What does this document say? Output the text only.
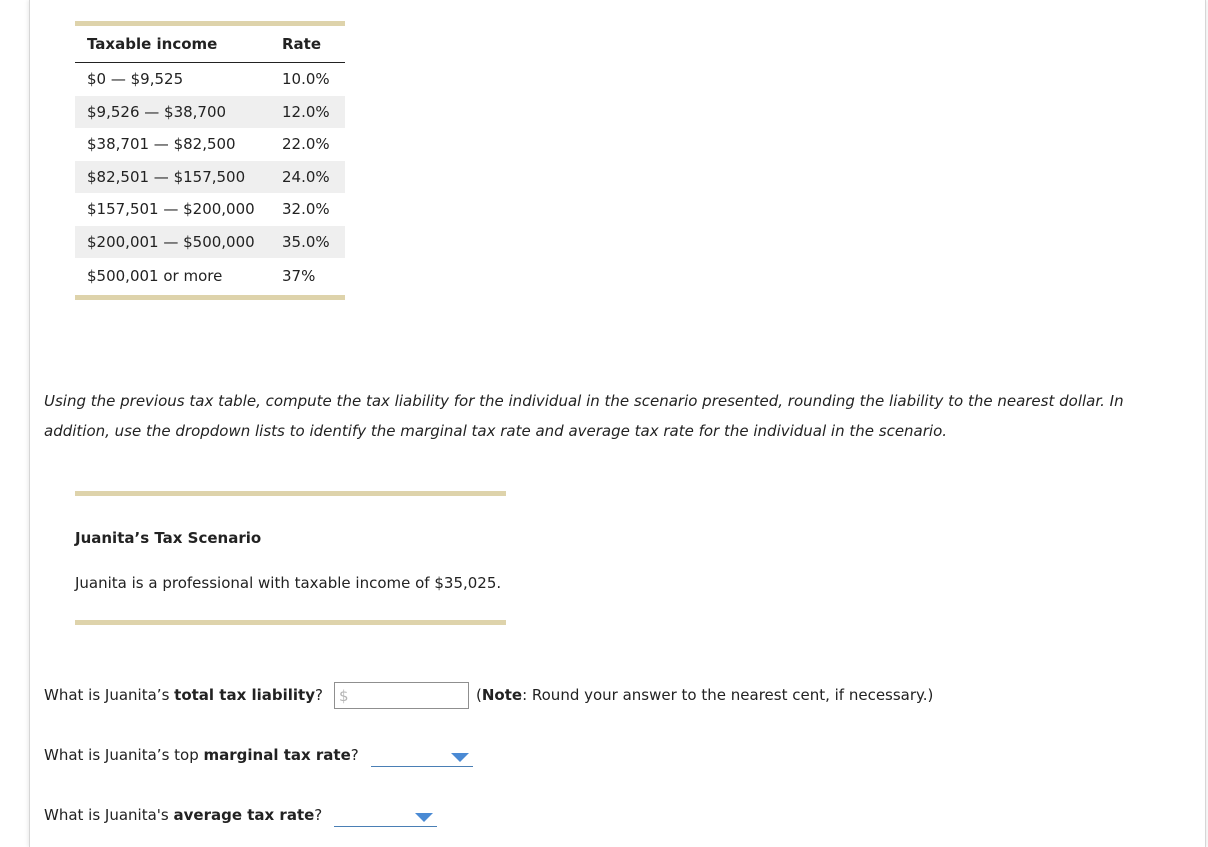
Taxable income	Rate
$0 — $9,525	10.0%
$9,526 — $38,700	12.0%
$38,701 — $82,500	22.0%
$82,501 — $157,500	24.0%
$157,501 — $200,000	32.0%
$200,001 — $500,000	35.0%
$500,001 or more	37%
Using the previous tax table, compute the tax liability for the individual in the scenario presented, rounding the liability to the nearest dollar. In addition, use the dropdown lists to identify the marginal tax rate and average tax rate for the individual in the scenario.
Juanita’s Tax Scenario
Juanita is a professional with taxable income of $35,025.
What is Juanita’s total tax liability? $	(Note: Round your answer to the nearest cent, if necessary.)
What is Juanita’s top marginal tax rate?
What is Juanita's average tax rate?
